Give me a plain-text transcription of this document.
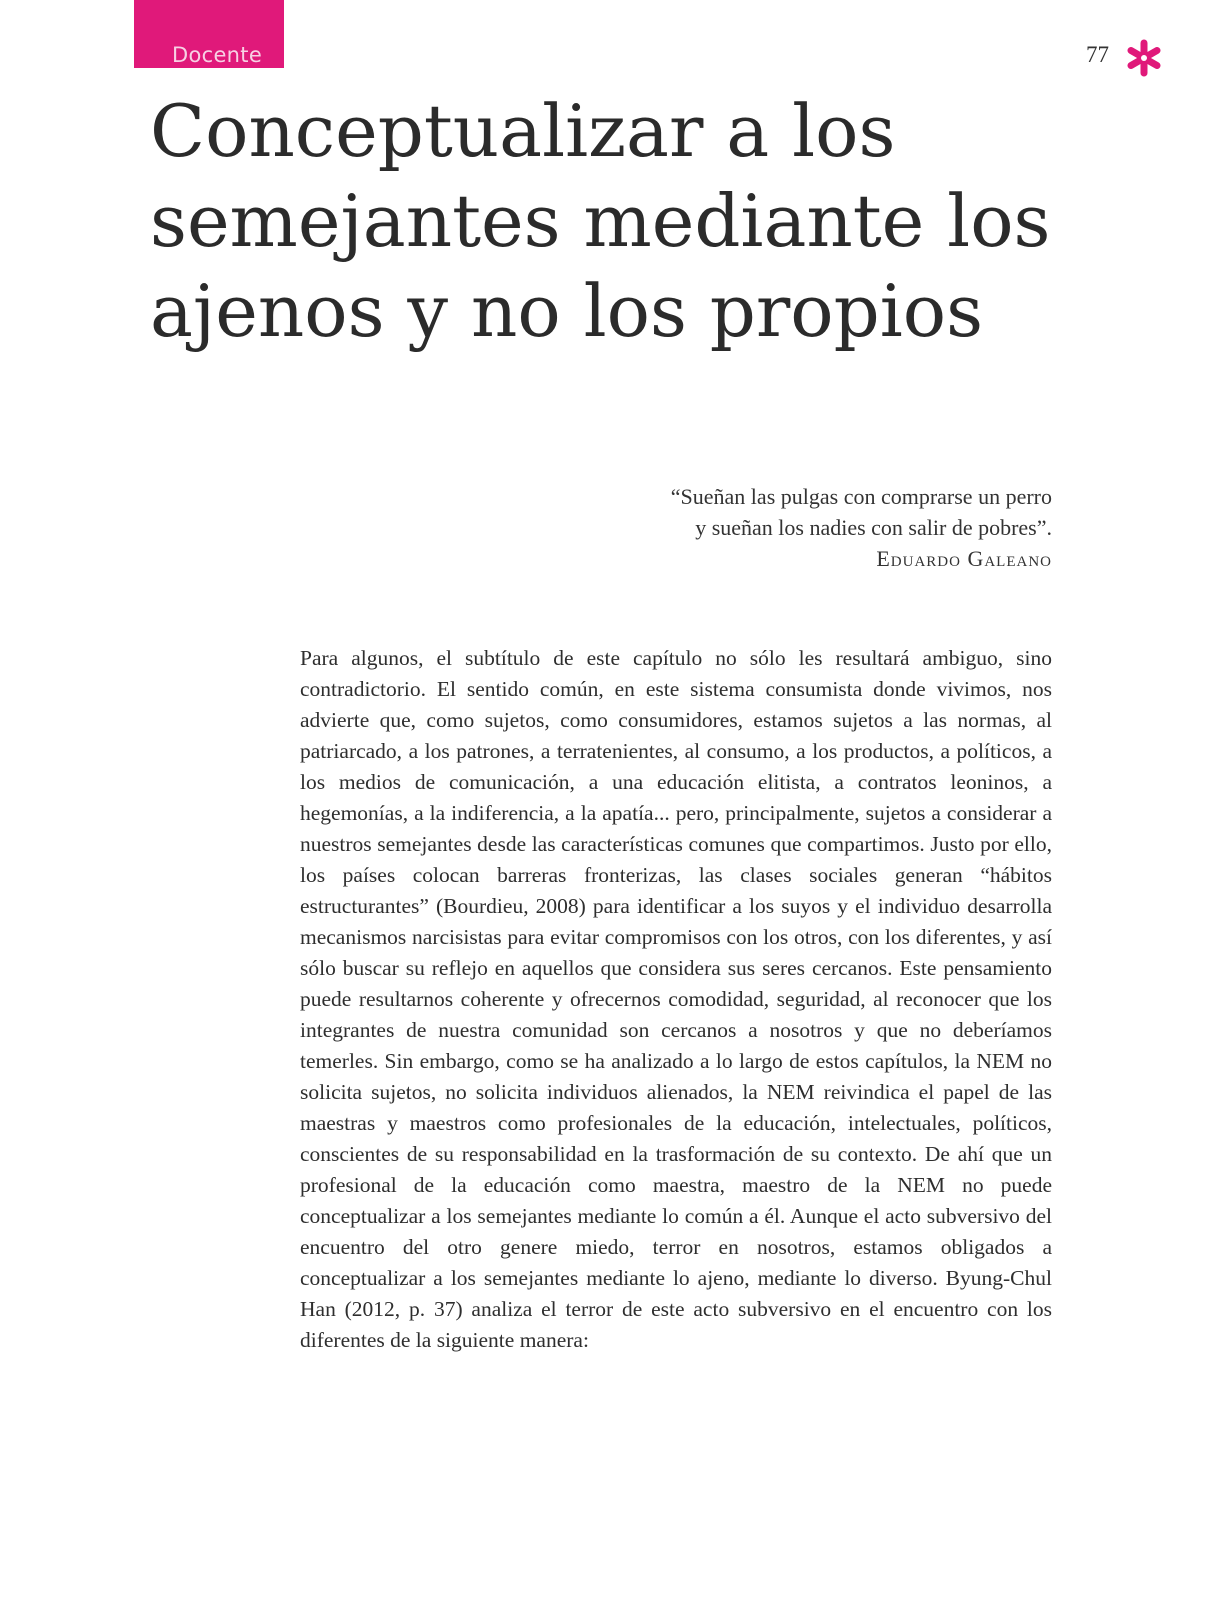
Docente	77
Conceptualizar a los semejantes mediante los ajenos y no los propios
“Sueñan las pulgas con comprarse un perro
y sueñan los nadies con salir de pobres”.
Eduardo Galeano

Para algunos, el subtítulo de este capítulo no sólo les resultará ambiguo, sino contradictorio. El sentido común, en este sistema consumista donde vivimos, nos advierte que, como sujetos, como consumidores, estamos sujetos a las normas, al patriarcado, a los patrones, a terratenientes, al consumo, a los productos, a políticos, a los medios de comunicación, a una educación elitista, a contratos leoninos, a hegemonías, a la indiferencia, a la apatía... pero, principalmente, sujetos a considerar a nuestros semejantes desde las características comunes que compartimos. Justo por ello, los países colocan barreras fronterizas, las clases sociales generan “hábitos estructurantes” (Bourdieu, 2008) para identificar a los suyos y el individuo desarrolla mecanismos narcisistas para evitar compromisos con los otros, con los diferentes, y así sólo buscar su reflejo en aquellos que considera sus seres cercanos. Este pensamiento puede resultarnos coherente y ofrecernos comodidad, seguridad, al reconocer que los integrantes de nuestra comunidad son cercanos a nosotros y que no deberíamos temerles. Sin embargo, como se ha analizado a lo largo de estos capítulos, la NEM no solicita sujetos, no solicita individuos alienados, la NEM reivindica el papel de las maestras y maestros como profesionales de la educación, intelectuales, políticos, conscientes de su responsabilidad en la trasformación de su contexto. De ahí que un profesional de la educación como maestra, maestro de la NEM no puede conceptualizar a los semejantes mediante lo común a él. Aunque el acto subversivo del encuentro del otro genere miedo, terror en nosotros, estamos obligados a conceptualizar a los semejantes mediante lo ajeno, mediante lo diverso. Byung-Chul Han (2012, p. 37) analiza el terror de este acto subversivo en el encuentro con los diferentes de la siguiente manera:
